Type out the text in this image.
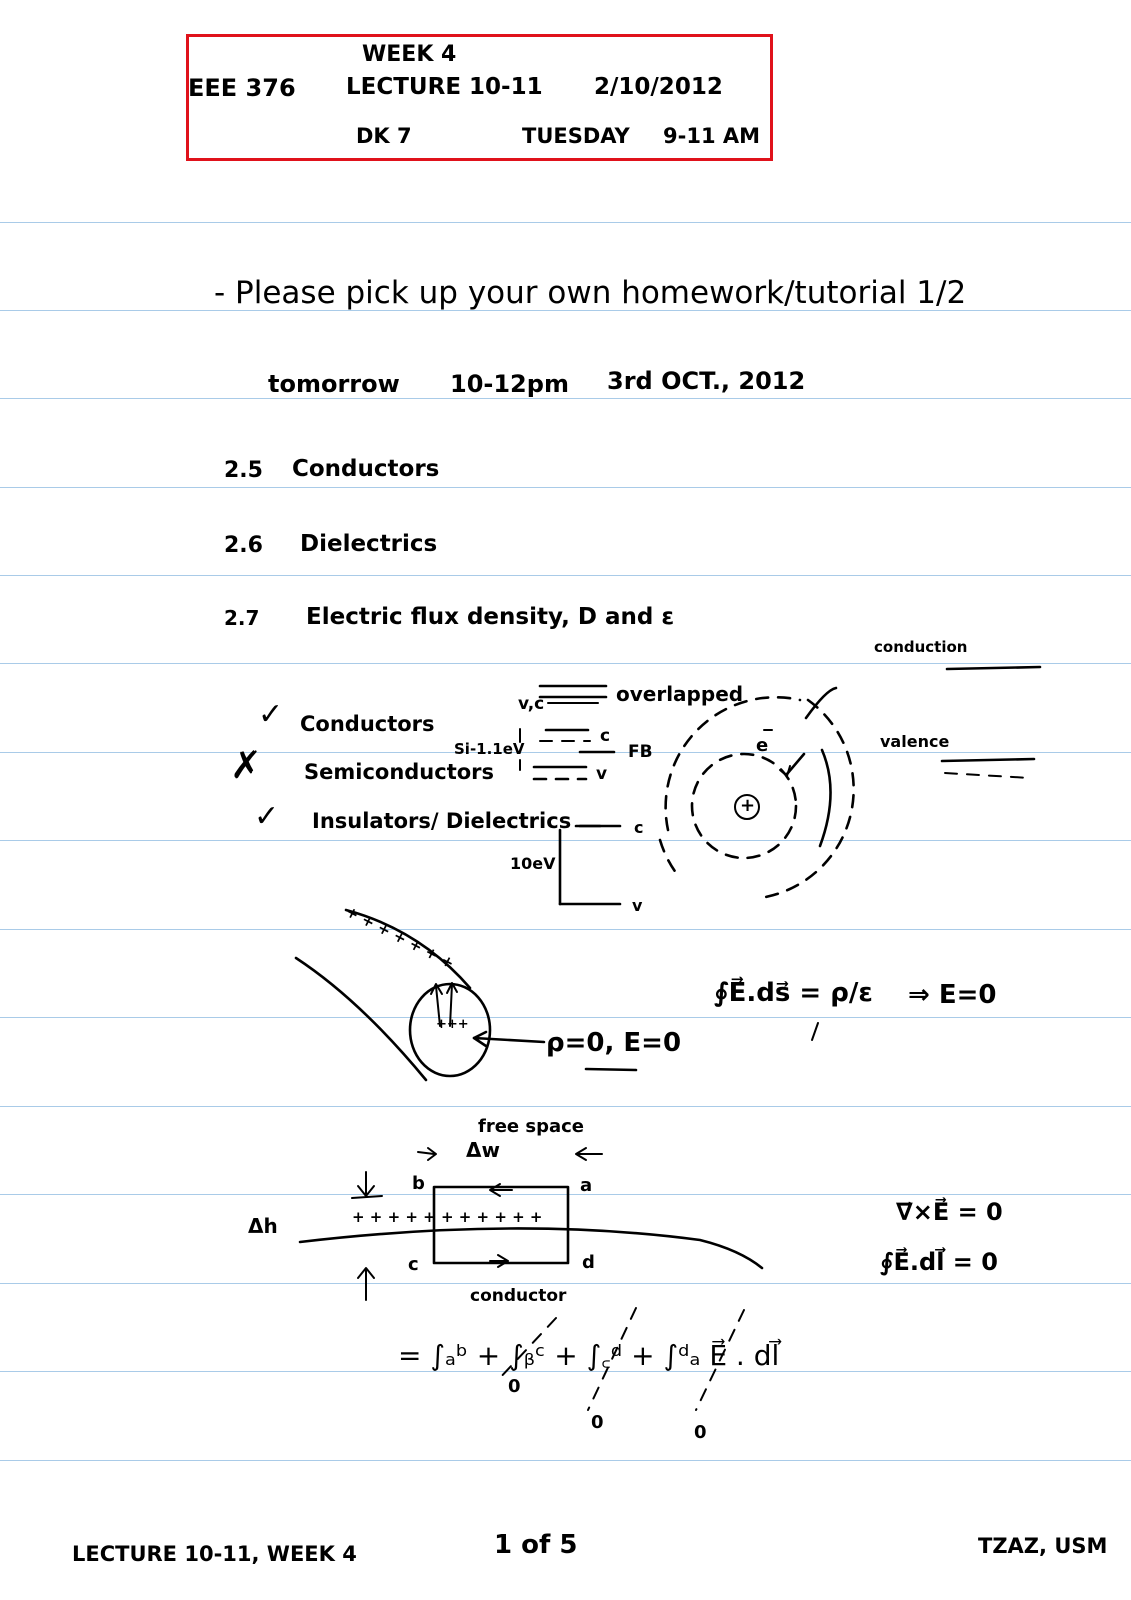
WEEK 4
EEE 376 LECTURE 10-11 2/10/2012
DK 7	TUESDAY 9-11 AM
- Please pick up your own homework/tutorial 1/2
tomorrow 10-12pm 3rd OCT., 2012
2.5 Conductors
2.6 Dielectrics
2.7 Electric flux density, D and ε
✓ Conductors
✗ Semiconductors
✓ Insulators/ Dielectrics
v,c	overlapped
Si-1.1eV
c
FB
v
10eV
c
v
conduction
valence
e
+
+ + + + + + +
+++
ρ=0, E=0
∮E⃗.ds⃗ = ρ/ε ⇒ E=0
free space
Δw
Δh
a
b
c	d
+ + + + + + + + + + +
conductor
∇⃗×E⃗ = 0
∮E⃗.dl⃗ = 0
= ∫ₐᵇ + ∫ᵦᶜ + ∫꜀ᵈ + ∫ᵈₐ E⃗ . dl⃗
0
0	0
LECTURE 10-11, WEEK 4	1 of 5	TZAZ, USM
